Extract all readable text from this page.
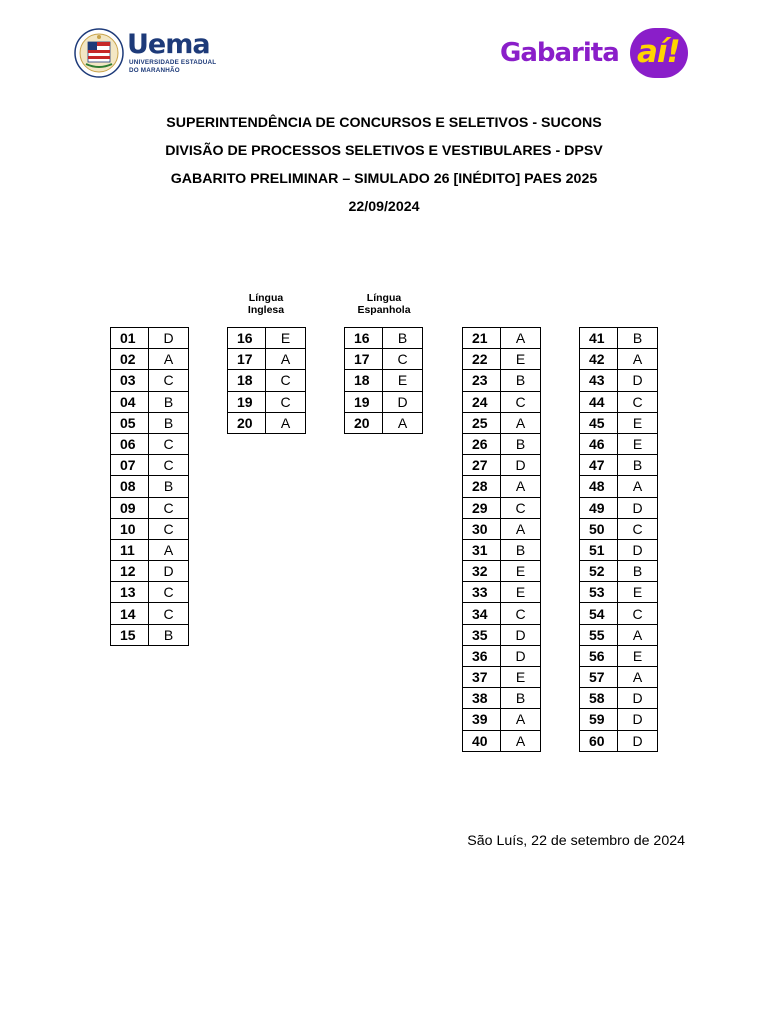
Uema
UNIVERSIDADE ESTADUAL
DO MARANHÃO
Gabarita aí!
SUPERINTENDÊNCIA DE CONCURSOS E SELETIVOS - SUCONS
DIVISÃO DE PROCESSOS SELETIVOS E VESTIBULARES - DPSV
GABARITO PRELIMINAR – SIMULADO 26 [INÉDITO] PAES 2025
22/09/2024
Língua
Inglesa
Língua
Espanhola
01	D
02	A
03	C
04	B
05	B
06	C
07	C
08	B
09	C
10	C
11	A
12	D
13	C
14	C
15	B
16	E
17	A
18	C
19	C
20	A
16	B
17	C
18	E
19	D
20	A
21	A
22	E
23	B
24	C
25	A
26	B
27	D
28	A
29	C
30	A
31	B
32	E
33	E
34	C
35	D
36	D
37	E
38	B
39	A
40	A
41	B
42	A
43	D
44	C
45	E
46	E
47	B
48	A
49	D
50	C
51	D
52	B
53	E
54	C
55	A
56	E
57	A
58	D
59	D
60	D
São Luís, 22 de setembro de 2024
